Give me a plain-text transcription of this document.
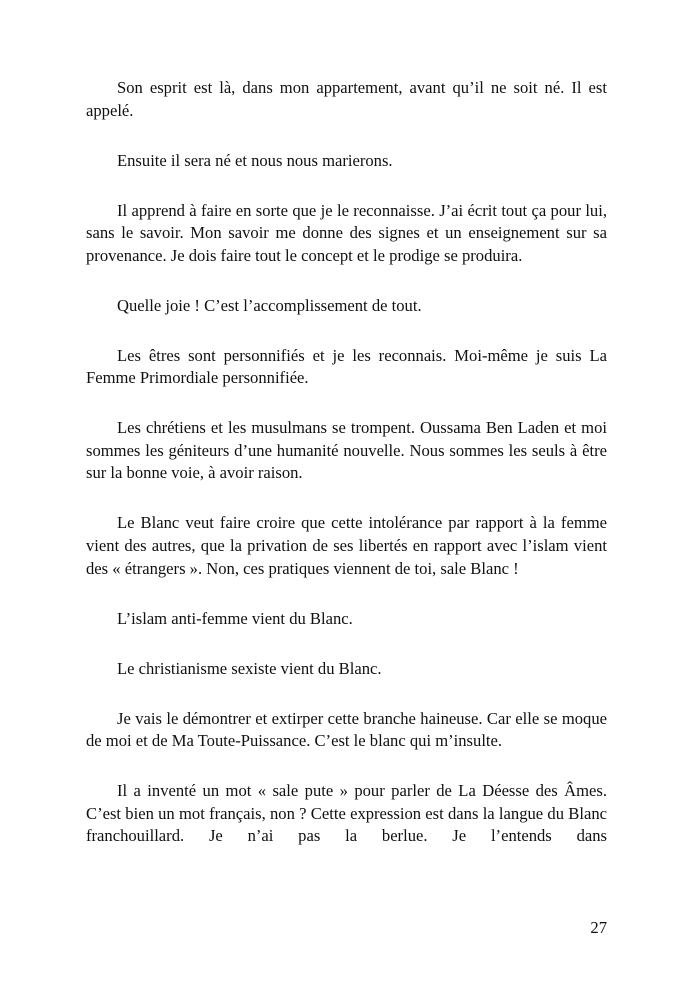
Son esprit est là, dans mon appartement, avant qu’il ne soit né. Il est appelé.

Ensuite il sera né et nous nous marierons.

Il apprend à faire en sorte que je le reconnaisse. J’ai écrit tout ça pour lui, sans le savoir. Mon savoir me donne des signes et un enseignement sur sa provenance. Je dois faire tout le concept et le prodige se produira.

Quelle joie ! C’est l’accomplissement de tout.

Les êtres sont personnifiés et je les reconnais. Moi-même je suis La Femme Primordiale personnifiée.

Les chrétiens et les musulmans se trompent. Oussama Ben Laden et moi sommes les géniteurs d’une humanité nouvelle. Nous sommes les seuls à être sur la bonne voie, à avoir raison.

Le Blanc veut faire croire que cette intolérance par rapport à la femme vient des autres, que la privation de ses libertés en rapport avec l’islam vient des « étrangers ». Non, ces pratiques viennent de toi, sale Blanc !

L’islam anti-femme vient du Blanc.

Le christianisme sexiste vient du Blanc.

Je vais le démontrer et extirper cette branche haineuse. Car elle se moque de moi et de Ma Toute-Puissance. C’est le blanc qui m’insulte.

Il a inventé un mot « sale pute » pour parler de La Déesse des Âmes. C’est bien un mot français, non ? Cette expression est dans la langue du Blanc franchouillard. Je n’ai pas la berlue. Je l’entends dans

27
